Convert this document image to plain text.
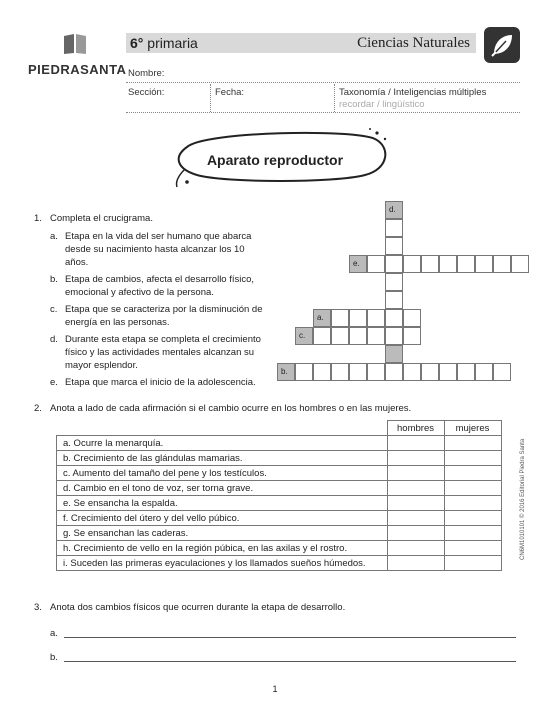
PIEDRASANTA
6° primaria	Ciencias Naturales
Nombre:
Sección:	Fecha:	Taxonomía / Inteligencias múltiples
recordar / lingüístico
Aparato reproductor
1. Completa el crucigrama.
a. Etapa en la vida del ser humano que abarca desde su nacimiento hasta alcanzar los 10 años.
b. Etapa de cambios, afecta el desarrollo físico, emocional y afectivo de la persona.
c. Etapa que se caracteriza por la disminución de energía en las personas.
d. Durante esta etapa se completa el crecimiento físico y las actividades mentales alcanzan su mayor esplendor.
e. Etapa que marca el inicio de la adolescencia.
d.
e.
a.
c.
b.
2. Anota a lado de cada afirmación si el cambio ocurre en los hombres o en las mujeres.
	hombres	mujeres
a. Ocurre la menarquía.		
b. Crecimiento de las glándulas mamarias.		
c. Aumento del tamaño del pene y los testículos.		
d. Cambio en el tono de voz, ser torna grave.		
e. Se ensancha la espalda.		
f. Crecimiento del útero y del vello púbico.		
g. Se ensanchan las caderas.		
h. Crecimiento de vello en la región púbica, en las axilas y el rostro.		
i. Suceden las primeras eyaculaciones y los llamados sueños húmedos.		
3. Anota dos cambios físicos que ocurren durante la etapa de desarrollo.
a.
b.
CN6M1010101 © 2016 Editorial Piedra Santa
1
